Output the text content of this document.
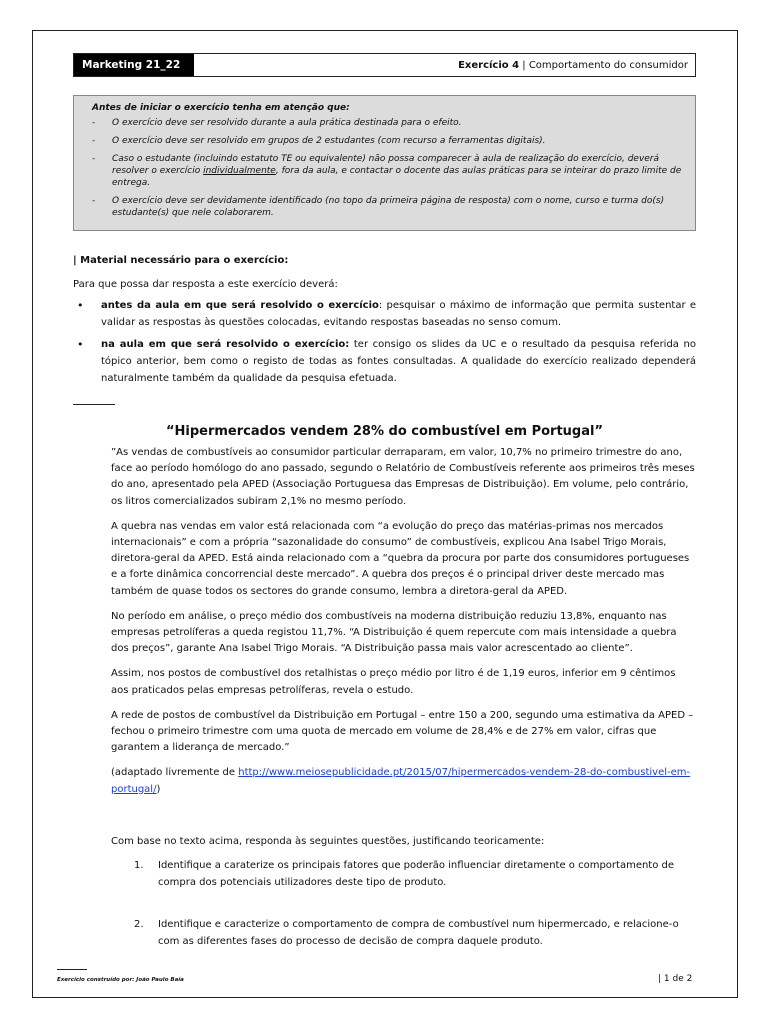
Marketing 21_22	Exercício 4 | Comportamento do consumidor
Antes de iniciar o exercício tenha em atenção que:
- O exercício deve ser resolvido durante a aula prática destinada para o efeito.
- O exercício deve ser resolvido em grupos de 2 estudantes (com recurso a ferramentas digitais).
- Caso o estudante (incluindo estatuto TE ou equivalente) não possa comparecer à aula de realização do exercício, deverá resolver o exercício individualmente, fora da aula, e contactar o docente das aulas práticas para se inteirar do prazo limite de entrega.
- O exercício deve ser devidamente identificado (no topo da primeira página de resposta) com o nome, curso e turma do(s) estudante(s) que nele colaborarem.
| Material necessário para o exercício:
Para que possa dar resposta a este exercício deverá:
• antes da aula em que será resolvido o exercício: pesquisar o máximo de informação que permita sustentar e validar as respostas às questões colocadas, evitando respostas baseadas no senso comum.
• na aula em que será resolvido o exercício: ter consigo os slides da UC e o resultado da pesquisa referida no tópico anterior, bem como o registo de todas as fontes consultadas. A qualidade do exercício realizado dependerá naturalmente também da qualidade da pesquisa efetuada.
“Hipermercados vendem 28% do combustível em Portugal”

”As vendas de combustíveis ao consumidor particular derraparam, em valor, 10,7% no primeiro trimestre do ano, face ao período homólogo do ano passado, segundo o Relatório de Combustíveis referente aos primeiros três meses do ano, apresentado pela APED (Associação Portuguesa das Empresas de Distribuição). Em volume, pelo contrário, os litros comercializados subiram 2,1% no mesmo período.

A quebra nas vendas em valor está relacionada com “a evolução do preço das matérias-primas nos mercados internacionais” e com a própria “sazonalidade do consumo” de combustíveis, explicou Ana Isabel Trigo Morais, diretora-geral da APED. Está ainda relacionado com a “quebra da procura por parte dos consumidores portugueses e a forte dinâmica concorrencial deste mercado”. A quebra dos preços é o principal driver deste mercado mas também de quase todos os sectores do grande consumo, lembra a diretora-geral da APED.

No período em análise, o preço médio dos combustíveis na moderna distribuição reduziu 13,8%, enquanto nas empresas petrolíferas a queda registou 11,7%. “A Distribuição é quem repercute com mais intensidade a quebra dos preços”, garante Ana Isabel Trigo Morais. “A Distribuição passa mais valor acrescentado ao cliente”.

Assim, nos postos de combustível dos retalhistas o preço médio por litro é de 1,19 euros, inferior em 9 cêntimos aos praticados pelas empresas petrolíferas, revela o estudo.

A rede de postos de combustível da Distribuição em Portugal – entre 150 a 200, segundo uma estimativa da APED – fechou o primeiro trimestre com uma quota de mercado em volume de 28,4% e de 27% em valor, cifras que garantem a liderança de mercado.”

(adaptado livremente de http://www.meiosepublicidade.pt/2015/07/hipermercados-vendem-28-do-combustivel-em-portugal/)

Com base no texto acima, responda às seguintes questões, justificando teoricamente:
1. Identifique a caraterize os principais fatores que poderão influenciar diretamente o comportamento de compra dos potenciais utilizadores deste tipo de produto.
2. Identifique e caracterize o comportamento de compra de combustível num hipermercado, e relacione-o com as diferentes fases do processo de decisão de compra daquele produto.
Exercício construído por: João Paulo Baía	| 1 de 2
